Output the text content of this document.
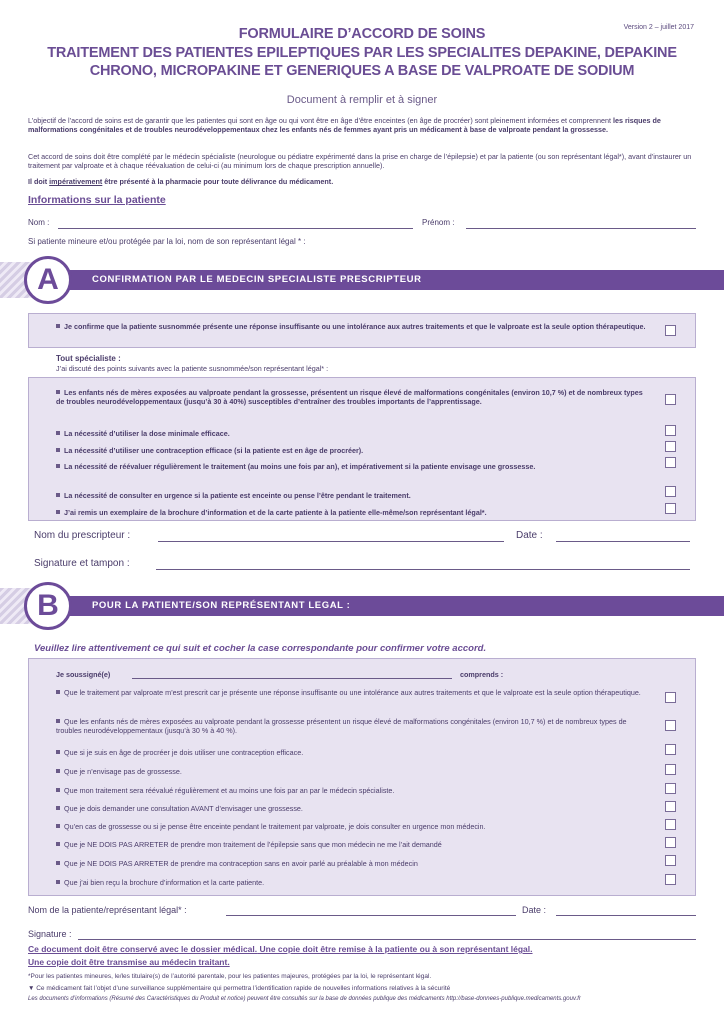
Version 2 – juillet 2017
FORMULAIRE D’ACCORD DE SOINS
TRAITEMENT DES PATIENTES EPILEPTIQUES PAR LES SPECIALITES DEPAKINE, DEPAKINE
CHRONO, MICROPAKINE ET GENERIQUES A BASE DE VALPROATE DE SODIUM
Document à remplir et à signer
L’objectif de l’accord de soins est de garantir que les patientes qui sont en âge ou qui vont être en âge d’être enceintes (en âge de procréer) sont pleinement informées et comprennent les risques de malformations congénitales et de troubles neurodéveloppementaux chez les enfants nés de femmes ayant pris un médicament à base de valproate pendant la grossesse.
Cet accord de soins doit être complété par le médecin spécialiste (neurologue ou pédiatre expérimenté dans la prise en charge de l’épilepsie) et par la patiente (ou son représentant légal*), avant d’instaurer un traitement par valproate et à chaque réévaluation de celui-ci (au minimum lors de chaque prescription annuelle).
Il doit impérativement être présenté à la pharmacie pour toute délivrance du médicament.
Informations sur la patiente
Nom :	Prénom :
Si patiente mineure et/ou protégée par la loi, nom de son représentant légal * :
CONFIRMATION PAR LE MEDECIN SPECIALISTE PRESCRIPTEUR
A
Je confirme que la patiente susnommée présente une réponse insuffisante ou une intolérance aux autres traitements et que le valproate est la seule option thérapeutique.
Tout spécialiste :
J’ai discuté des points suivants avec la patiente susnommée/son représentant légal* :
Les enfants nés de mères exposées au valproate pendant la grossesse, présentent un risque élevé de malformations congénitales (environ 10,7 %) et de nombreux types de troubles neurodéveloppementaux (jusqu’à 30 à 40%) susceptibles d’entraîner des troubles importants de l’apprentissage.
La nécessité d’utiliser la dose minimale efficace.
La nécessité d’utiliser une contraception efficace (si la patiente est en âge de procréer).
La nécessité de réévaluer régulièrement le traitement (au moins une fois par an), et impérativement si la patiente envisage une grossesse.
La nécessité de consulter en urgence si la patiente est enceinte ou pense l’être pendant le traitement.
J’ai remis un exemplaire de la brochure d’information et de la carte patiente à la patiente elle-même/son représentant légal*.
Nom du prescripteur :	Date :
Signature et tampon :
POUR LA PATIENTE/SON REPRÉSENTANT LEGAL :
B
Veuillez lire attentivement ce qui suit et cocher la case correspondante pour confirmer votre accord.
Je soussigné(e)	comprends :
Que le traitement par valproate m’est prescrit car je présente une réponse insuffisante ou une intolérance aux autres traitements et que le valproate est la seule option thérapeutique.
Que les enfants nés de mères exposées au valproate pendant la grossesse présentent un risque élevé de malformations congénitales (environ 10,7 %) et de nombreux types de troubles neurodéveloppementaux (jusqu’à 30 % à 40 %).
Que si je suis en âge de procréer je dois utiliser une contraception efficace.
Que je n’envisage pas de grossesse.
Que mon traitement sera réévalué régulièrement et au moins une fois par an par le médecin spécialiste.
Que je dois demander une consultation AVANT d’envisager une grossesse.
Qu’en cas de grossesse ou si je pense être enceinte pendant le traitement par valproate, je dois consulter en urgence mon médecin.
Que je NE DOIS PAS ARRETER de prendre mon traitement de l’épilepsie sans que mon médecin ne me l’ait demandé
Que je NE DOIS PAS ARRETER de prendre ma contraception sans en avoir parlé au préalable à mon médecin
Que j’ai bien reçu la brochure d’information et la carte patiente.
Nom de la patiente/représentant légal* :	Date :
Signature :
Ce document doit être conservé avec le dossier médical. Une copie doit être remise à la patiente ou à son représentant légal.
Une copie doit être transmise au médecin traitant.
*Pour les patientes mineures, le/les titulaire(s) de l’autorité parentale, pour les patientes majeures, protégées par la loi, le représentant légal.
▼ Ce médicament fait l’objet d’une surveillance supplémentaire qui permettra l’identification rapide de nouvelles informations relatives à la sécurité
Les documents d’informations (Résumé des Caractéristiques du Produit et notice) peuvent être consultés sur la base de données publique des médicaments http://base-donnees-publique.medicaments.gouv.fr
